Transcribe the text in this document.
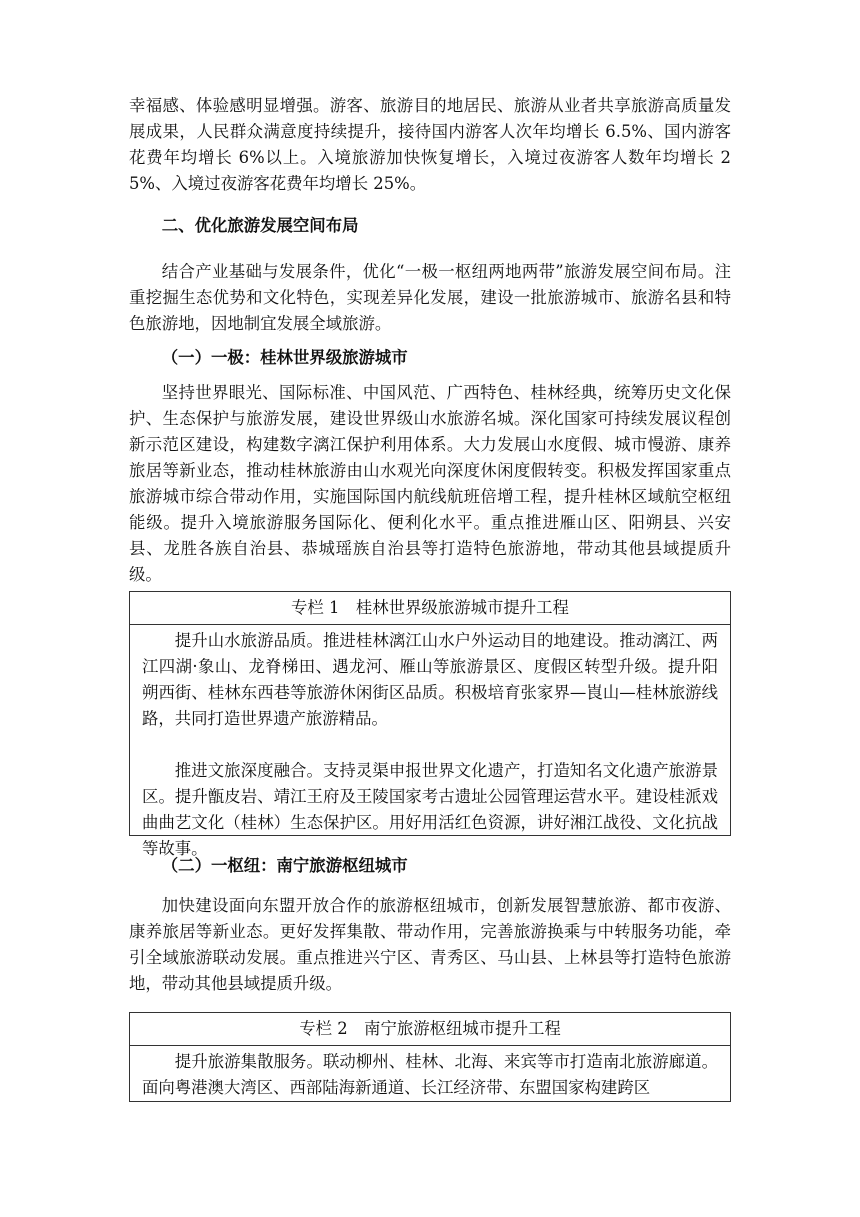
幸福感、体验感明显增强。游客、旅游目的地居民、旅游从业者共享旅游高质量发展成果，人民群众满意度持续提升，接待国内游客人次年均增长 6.5%、国内游客花费年均增长 6%以上。入境旅游加快恢复增长，入境过夜游客人数年均增长 25%、入境过夜游客花费年均增长 25%。

二、优化旅游发展空间布局

结合产业基础与发展条件，优化“一极一枢纽两地两带”旅游发展空间布局。注重挖掘生态优势和文化特色，实现差异化发展，建设一批旅游城市、旅游名县和特色旅游地，因地制宜发展全域旅游。

（一）一极：桂林世界级旅游城市

坚持世界眼光、国际标准、中国风范、广西特色、桂林经典，统筹历史文化保护、生态保护与旅游发展，建设世界级山水旅游名城。深化国家可持续发展议程创新示范区建设，构建数字漓江保护利用体系。大力发展山水度假、城市慢游、康养旅居等新业态，推动桂林旅游由山水观光向深度休闲度假转变。积极发挥国家重点旅游城市综合带动作用，实施国际国内航线航班倍增工程，提升桂林区域航空枢纽能级。提升入境旅游服务国际化、便利化水平。重点推进雁山区、阳朔县、兴安县、龙胜各族自治县、恭城瑶族自治县等打造特色旅游地，带动其他县域提质升级。

专栏 1　桂林世界级旅游城市提升工程

提升山水旅游品质。推进桂林漓江山水户外运动目的地建设。推动漓江、两江四湖·象山、龙脊梯田、遇龙河、雁山等旅游景区、度假区转型升级。提升阳朔西街、桂林东西巷等旅游休闲街区品质。积极培育张家界—崀山—桂林旅游线路，共同打造世界遗产旅游精品。

推进文旅深度融合。支持灵渠申报世界文化遗产，打造知名文化遗产旅游景区。提升甑皮岩、靖江王府及王陵国家考古遗址公园管理运营水平。建设桂派戏曲曲艺文化（桂林）生态保护区。用好用活红色资源，讲好湘江战役、文化抗战等故事。

（二）一枢纽：南宁旅游枢纽城市

加快建设面向东盟开放合作的旅游枢纽城市，创新发展智慧旅游、都市夜游、康养旅居等新业态。更好发挥集散、带动作用，完善旅游换乘与中转服务功能，牵引全域旅游联动发展。重点推进兴宁区、青秀区、马山县、上林县等打造特色旅游地，带动其他县域提质升级。

专栏 2　南宁旅游枢纽城市提升工程

提升旅游集散服务。联动柳州、桂林、北海、来宾等市打造南北旅游廊道。面向粤港澳大湾区、西部陆海新通道、长江经济带、东盟国家构建跨区
